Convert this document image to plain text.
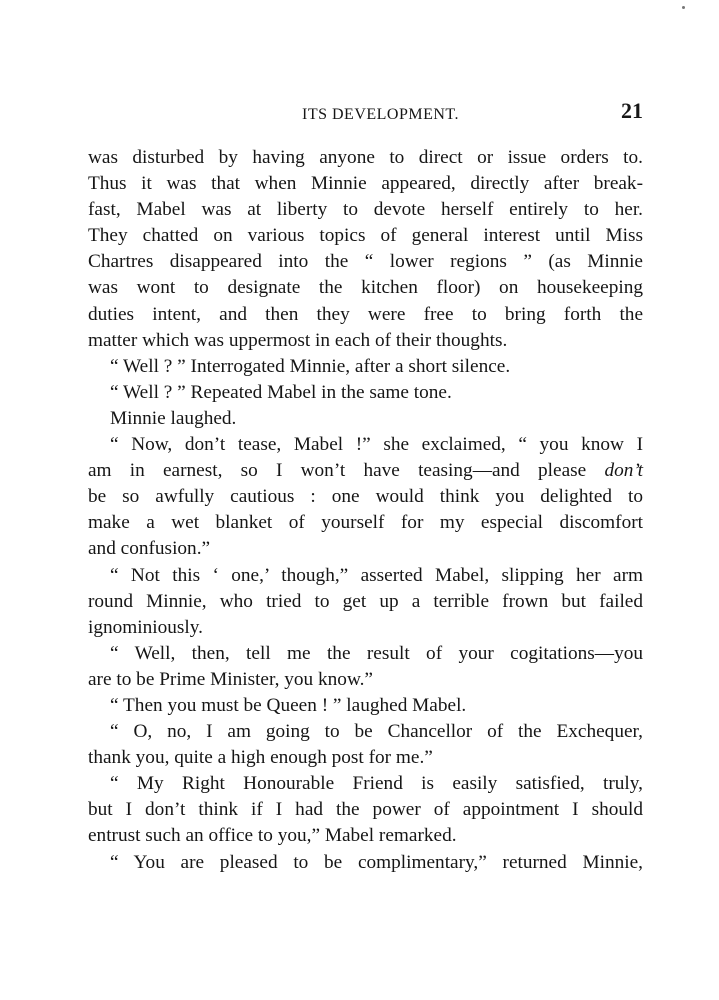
ITS DEVELOPMENT.	21
was disturbed by having anyone to direct or issue orders to.
Thus it was that when Minnie appeared, directly after break-
fast, Mabel was at liberty to devote herself entirely to her.
They chatted on various topics of general interest until Miss
Chartres disappeared into the “ lower regions ” (as Minnie
was wont to designate the kitchen floor) on housekeeping
duties intent, and then they were free to bring forth the
matter which was uppermost in each of their thoughts.
“ Well ? ” Interrogated Minnie, after a short silence.
“ Well ? ” Repeated Mabel in the same tone.
Minnie laughed.
“ Now, don’t tease, Mabel !” she exclaimed, “ you know I
am in earnest, so I won’t have teasing—and please don’t
be so awfully cautious : one would think you delighted to
make a wet blanket of yourself for my especial discomfort
and confusion.”
“ Not this ‘ one,’ though,” asserted Mabel, slipping her arm
round Minnie, who tried to get up a terrible frown but failed
ignominiously.
“ Well, then, tell me the result of your cogitations—you
are to be Prime Minister, you know.”
“ Then you must be Queen ! ” laughed Mabel.
“ O, no, I am going to be Chancellor of the Exchequer,
thank you, quite a high enough post for me.”
“ My Right Honourable Friend is easily satisfied, truly,
but I don’t think if I had the power of appointment I should
entrust such an office to you,” Mabel remarked.
“ You are pleased to be complimentary,” returned Minnie,
